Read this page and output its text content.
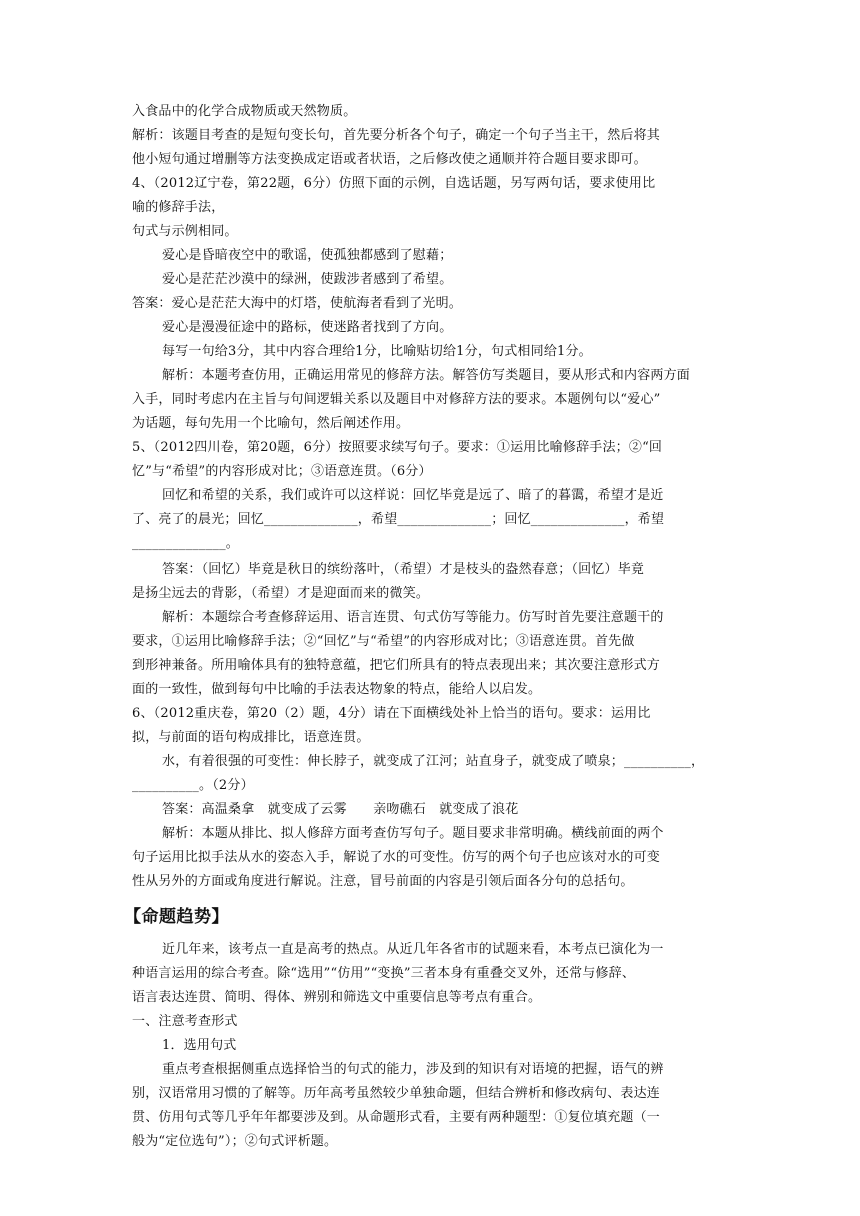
入食品中的化学合成物质或天然物质。
解析：该题目考查的是短句变长句，首先要分析各个句子，确定一个句子当主干，然后将其
他小短句通过增删等方法变换成定语或者状语，之后修改使之通顺并符合题目要求即可。
4、（2012辽宁卷，第22题，6分）仿照下面的示例，自选话题，另写两句话，要求使用比
喻的修辞手法，
句式与示例相同。
爱心是昏暗夜空中的歌谣，使孤独都感到了慰藉；
爱心是茫茫沙漠中的绿洲，使跋涉者感到了希望。
答案：爱心是茫茫大海中的灯塔，使航海者看到了光明。
爱心是漫漫征途中的路标，使迷路者找到了方向。
每写一句给3分，其中内容合理给1分，比喻贴切给1分，句式相同给1分。
解析：本题考查仿用，正确运用常见的修辞方法。解答仿写类题目，要从形式和内容两方面
入手，同时考虑内在主旨与句间逻辑关系以及题目中对修辞方法的要求。本题例句以“爱心”
为话题，每句先用一个比喻句，然后阐述作用。
5、（2012四川卷，第20题，6分）按照要求续写句子。要求：①运用比喻修辞手法；②“回
忆”与“希望”的内容形成对比；③语意连贯。（6分）
回忆和希望的关系，我们或许可以这样说：回忆毕竟是远了、暗了的暮霭，希望才是近
了、亮了的晨光；回忆______________，希望______________；回忆______________，希望
______________。
答案：（回忆）毕竟是秋日的缤纷落叶，（希望）才是枝头的盎然春意；（回忆）毕竟
是扬尘远去的背影，（希望）才是迎面而来的微笑。
解析：本题综合考查修辞运用、语言连贯、句式仿写等能力。仿写时首先要注意题干的
要求，①运用比喻修辞手法；②“回忆”与“希望”的内容形成对比；③语意连贯。首先做
到形神兼备。所用喻体具有的独特意蕴，把它们所具有的特点表现出来；其次要注意形式方
面的一致性，做到每句中比喻的手法表达物象的特点，能给人以启发。
6、（2012重庆卷，第20（2）题，4分）请在下面横线处补上恰当的语句。要求：运用比
拟，与前面的语句构成排比，语意连贯。
水，有着很强的可变性：伸长脖子，就变成了江河；站直身子，就变成了喷泉；__________，
__________。（2分）
答案：高温桑拿　就变成了云雾　　亲吻礁石　就变成了浪花
解析：本题从排比、拟人修辞方面考查仿写句子。题目要求非常明确。横线前面的两个
句子运用比拟手法从水的姿态入手，解说了水的可变性。仿写的两个句子也应该对水的可变
性从另外的方面或角度进行解说。注意，冒号前面的内容是引领后面各分句的总括句。
【命题趋势】
近几年来，该考点一直是高考的热点。从近几年各省市的试题来看，本考点已演化为一
种语言运用的综合考查。除“选用”“仿用”“变换”三者本身有重叠交叉外，还常与修辞、
语言表达连贯、简明、得体、辨别和筛选文中重要信息等考点有重合。
一、注意考查形式
1．选用句式
重点考查根据侧重点选择恰当的句式的能力，涉及到的知识有对语境的把握，语气的辨
别，汉语常用习惯的了解等。历年高考虽然较少单独命题，但结合辨析和修改病句、表达连
贯、仿用句式等几乎年年都要涉及到。从命题形式看，主要有两种题型：①复位填充题（一
般为“定位选句”）；②句式评析题。
